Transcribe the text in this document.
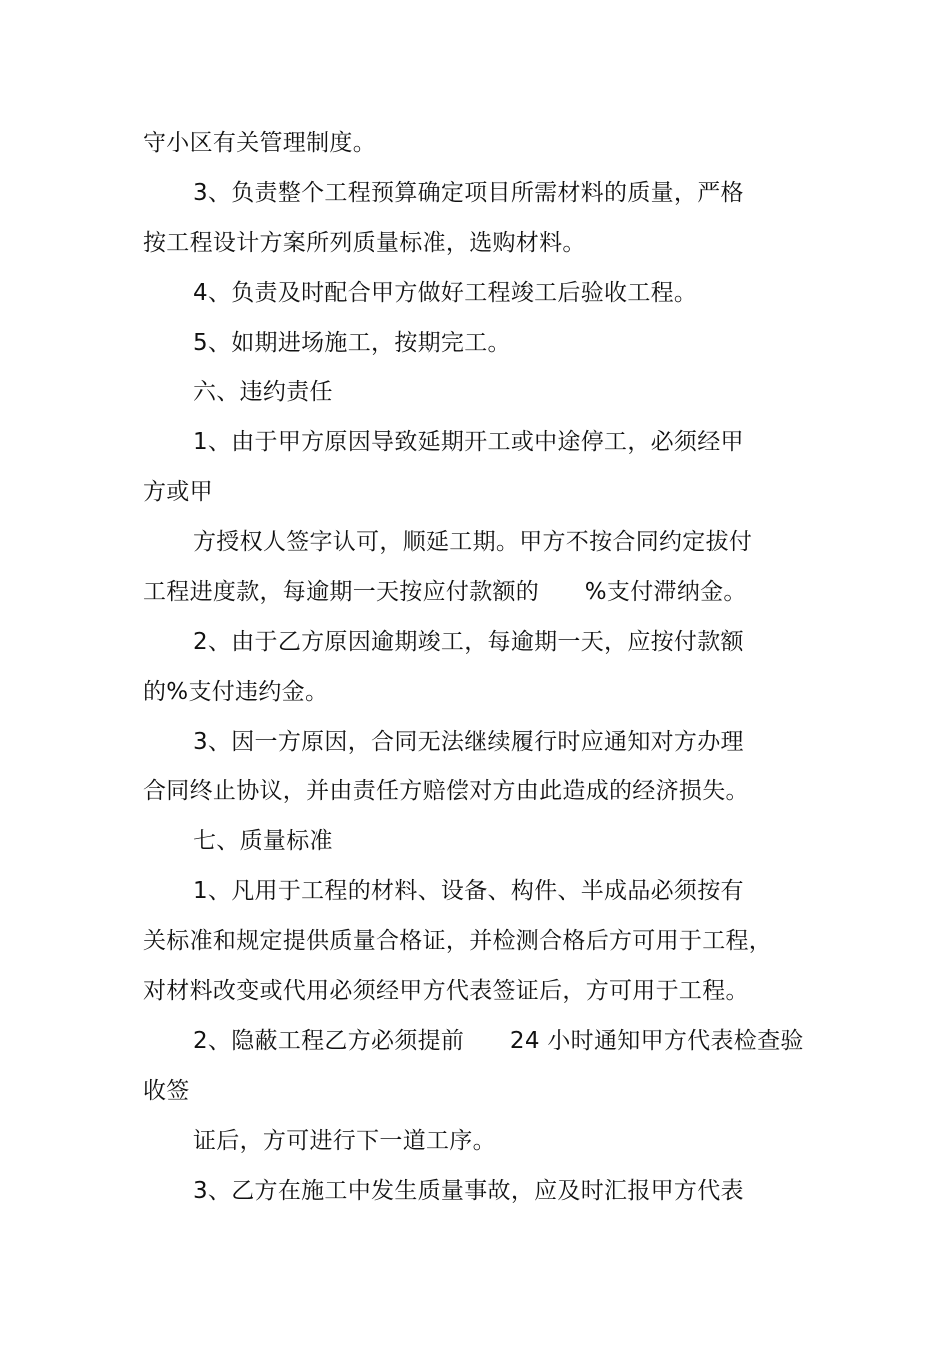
守小区有关管理制度。
3、负责整个工程预算确定项目所需材料的质量，严格
按工程设计方案所列质量标准，选购材料。
4、负责及时配合甲方做好工程竣工后验收工程。
5、如期进场施工，按期完工。
六、违约责任
1、由于甲方原因导致延期开工或中途停工，必须经甲
方或甲
方授权人签字认可，顺延工期。甲方不按合同约定拔付
工程进度款，每逾期一天按应付款额的      %支付滞纳金。
2、由于乙方原因逾期竣工，每逾期一天，应按付款额
的%支付违约金。
3、因一方原因，合同无法继续履行时应通知对方办理
合同终止协议，并由责任方赔偿对方由此造成的经济损失。
七、质量标准
1、凡用于工程的材料、设备、构件、半成品必须按有
关标准和规定提供质量合格证，并检测合格后方可用于工程，
对材料改变或代用必须经甲方代表签证后，方可用于工程。
2、隐蔽工程乙方必须提前      24 小时通知甲方代表检查验
收签
证后，方可进行下一道工序。
3、乙方在施工中发生质量事故，应及时汇报甲方代表
